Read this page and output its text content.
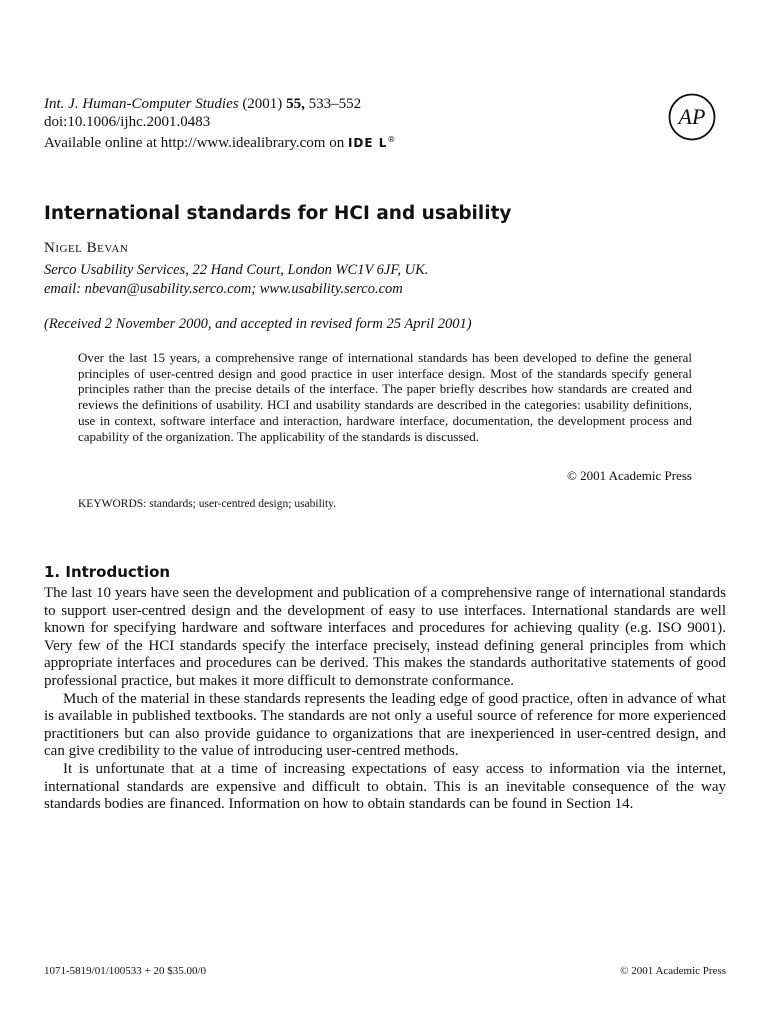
Int. J. Human-Computer Studies (2001) 55, 533–552
doi:10.1006/ijhc.2001.0483
Available online at http://www.idealibrary.com on IDE L®
AP
International standards for HCI and usability
Nigel Bevan
Serco Usability Services, 22 Hand Court, London WC1V 6JF, UK.
email: nbevan@usability.serco.com; www.usability.serco.com
(Received 2 November 2000, and accepted in revised form 25 April 2001)
Over the last 15 years, a comprehensive range of international standards has been developed to define the general principles of user-centred design and good practice in user interface design. Most of the standards specify general principles rather than the precise details of the interface. The paper briefly describes how standards are created and reviews the definitions of usability. HCI and usability standards are described in the categories: usability definitions, use in context, software interface and interaction, hardware interface, documentation, the development process and capability of the organization. The applicability of the standards is discussed.
© 2001 Academic Press
KEYWORDS: standards; user-centred design; usability.
1. Introduction

The last 10 years have seen the development and publication of a comprehensive range of international standards to support user-centred design and the development of easy to use interfaces. International standards are well known for specifying hardware and software interfaces and procedures for achieving quality (e.g. ISO 9001). Very few of the HCI standards specify the interface precisely, instead defining general principles from which appropriate interfaces and procedures can be derived. This makes the standards authoritative statements of good professional practice, but makes it more difficult to demonstrate conformance.

Much of the material in these standards represents the leading edge of good practice, often in advance of what is available in published textbooks. The standards are not only a useful source of reference for more experienced practitioners but can also provide guidance to organizations that are inexperienced in user-centred design, and can give credibility to the value of introducing user-centred methods.

It is unfortunate that at a time of increasing expectations of easy access to information via the internet, international standards are expensive and difficult to obtain. This is an inevitable consequence of the way standards bodies are financed. Information on how to obtain standards can be found in Section 14.

1071-5819/01/100533 + 20 $35.00/0	© 2001 Academic Press
